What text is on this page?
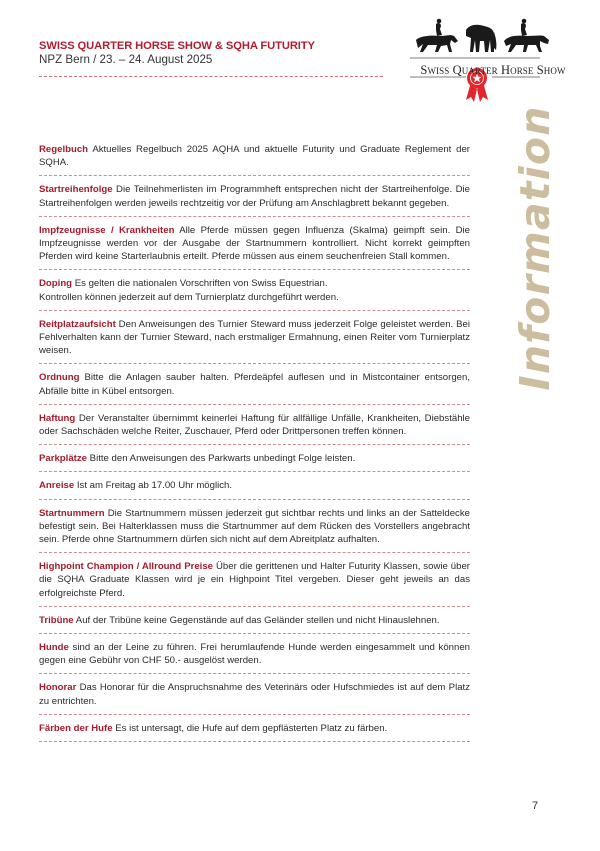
SWISS QUARTER HORSE SHOW & SQHA FUTURITY
NPZ Bern / 23. – 24. August 2025
Swiss Quarter Horse Show
Information
Regelbuch Aktuelles Regelbuch 2025 AQHA und aktuelle Futurity und Graduate Reglement der SQHA.
Startreihenfolge Die Teilnehmerlisten im Programmheft entsprechen nicht der Startreihenfolge. Die Startreihenfolgen werden jeweils rechtzeitig vor der Prüfung am Anschlagbrett bekannt gegeben.
Impfzeugnisse / Krankheiten Alle Pferde müssen gegen Influenza (Skalma) geimpft sein. Die Impfzeugnisse werden vor der Ausgabe der Startnummern kontrolliert. Nicht korrekt geimpften Pferden wird keine Starterlaubnis erteilt. Pferde müssen aus einem seuchenfreien Stall kommen.
Doping Es gelten die nationalen Vorschriften von Swiss Equestrian.
Kontrollen können jederzeit auf dem Turnierplatz durchgeführt werden.
Reitplatzaufsicht Den Anweisungen des Turnier Steward muss jederzeit Folge geleistet werden. Bei Fehlverhalten kann der Turnier Steward, nach erstmaliger Ermahnung, einen Reiter vom Turnierplatz weisen.
Ordnung Bitte die Anlagen sauber halten. Pferdeäpfel auflesen und in Mistcontainer entsorgen, Abfälle bitte in Kübel entsorgen.
Haftung Der Veranstalter übernimmt keinerlei Haftung für allfällige Unfälle, Krankheiten, Diebstähle oder Sachschäden welche Reiter, Zuschauer, Pferd oder Drittpersonen treffen können.
Parkplätze Bitte den Anweisungen des Parkwarts unbedingt Folge leisten.
Anreise Ist am Freitag ab 17.00 Uhr möglich.
Startnummern Die Startnummern müssen jederzeit gut sichtbar rechts und links an der Satteldecke befestigt sein. Bei Halterklassen muss die Startnummer auf dem Rücken des Vorstellers angebracht sein. Pferde ohne Startnummern dürfen sich nicht auf dem Abreitplatz aufhalten.
Highpoint Champion / Allround Preise Über die gerittenen und Halter Futurity Klassen, sowie über die SQHA Graduate Klassen wird je ein Highpoint Titel vergeben. Dieser geht jeweils an das erfolgreichste Pferd.
Tribüne Auf der Tribüne keine Gegenstände auf das Geländer stellen und nicht Hinauslehnen.
Hunde sind an der Leine zu führen. Frei herumlaufende Hunde werden eingesammelt und können gegen eine Gebühr von CHF 50.- ausgelöst werden.
Honorar Das Honorar für die Anspruchsnahme des Veterinärs oder Hufschmiedes ist auf dem Platz zu entrichten.
Färben der Hufe Es ist untersagt, die Hufe auf dem gepflästerten Platz zu färben.
7
